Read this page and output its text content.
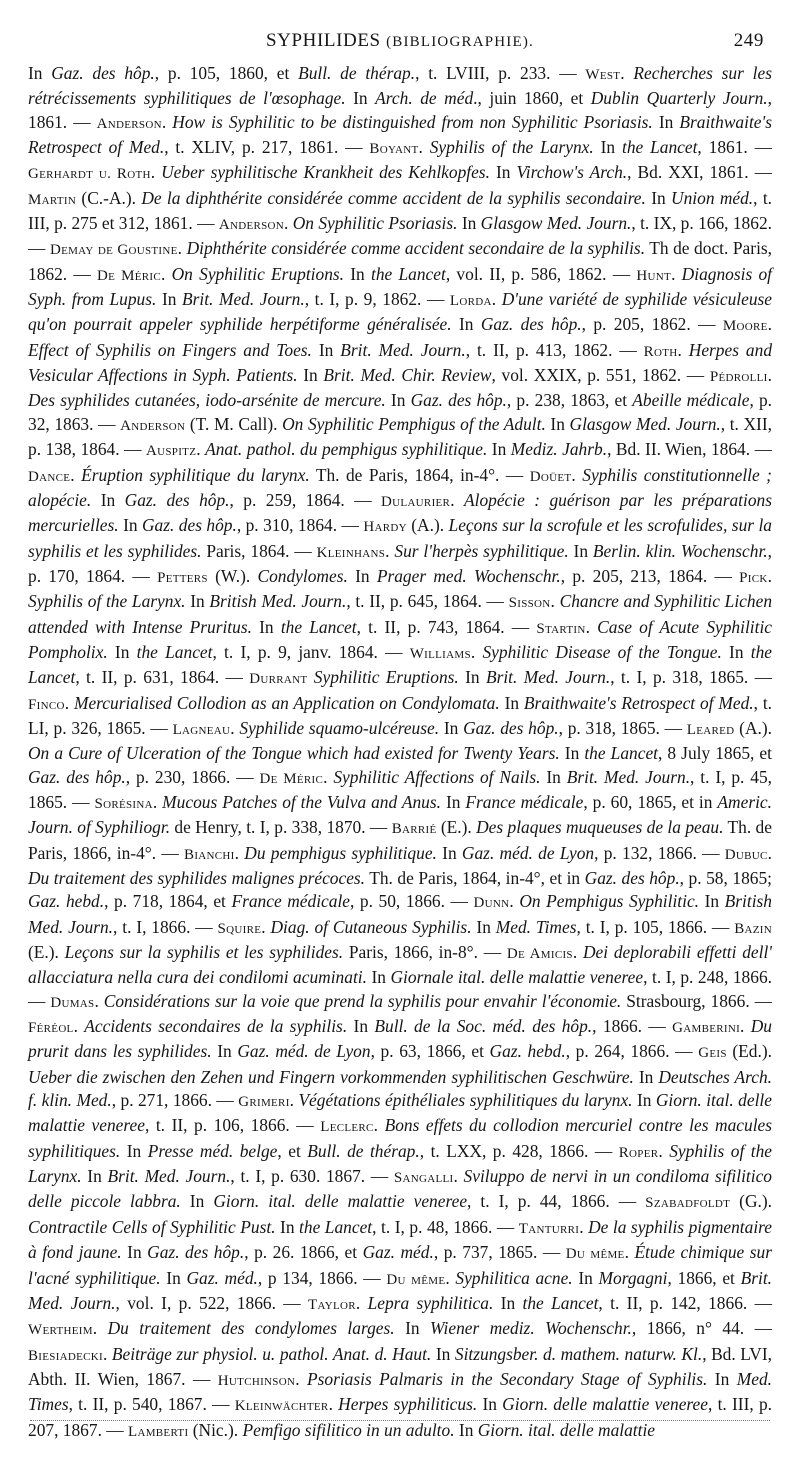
SYPHILIDES (BIBLIOGRAPHIE).	249
In Gaz. des hôp., p. 105, 1860, et Bull. de thérap., t. LVIII, p. 233. — West. Recherches sur les rétrécissements syphilitiques de l'œsophage. In Arch. de méd., juin 1860, et Dublin Quarterly Journ., 1861. — Anderson. How is Syphilitic to be distinguished from non Syphilitic Psoriasis. In Braithwaite's Retrospect of Med., t. XLIV, p. 217, 1861. — Boyant. Syphilis of the Larynx. In the Lancet, 1861. — Gerhardt u. Roth. Ueber syphilitische Krankheit des Kehlkopfes. In Virchow's Arch., Bd. XXI, 1861. — Martin (C.-A.). De la diphthérite considérée comme accident de la syphilis secondaire. In Union méd., t. III, p. 275 et 312, 1861. — Anderson. On Syphilitic Psoriasis. In Glasgow Med. Journ., t. IX, p. 166, 1862. — Demay de Goustine. Diphthérite considérée comme accident secondaire de la syphilis. Th de doct. Paris, 1862. — De Méric. On Syphilitic Eruptions. In the Lancet, vol. II, p. 586, 1862. — Hunt. Diagnosis of Syph. from Lupus. In Brit. Med. Journ., t. I, p. 9, 1862. — Lorda. D'une variété de syphilide vésiculeuse qu'on pourrait appeler syphilide herpétiforme généralisée. In Gaz. des hôp., p. 205, 1862. — Moore. Effect of Syphilis on Fingers and Toes. In Brit. Med. Journ., t. II, p. 413, 1862. — Roth. Herpes and Vesicular Affections in Syph. Patients. In Brit. Med. Chir. Review, vol. XXIX, p. 551, 1862. — Pédrolli. Des syphilides cutanées, iodo-arsénite de mercure. In Gaz. des hôp., p. 238, 1863, et Abeille médicale, p. 32, 1863. — Anderson (T. M. Call). On Syphilitic Pemphigus of the Adult. In Glasgow Med. Journ., t. XII, p. 138, 1864. — Auspitz. Anat. pathol. du pemphigus syphilitique. In Mediz. Jahrb., Bd. II. Wien, 1864. — Dance. Éruption syphilitique du larynx. Th. de Paris, 1864, in-4°. — Doüet. Syphilis constitutionnelle ; alopécie. In Gaz. des hôp., p. 259, 1864. — Dulaurier. Alopécie : guérison par les préparations mercurielles. In Gaz. des hôp., p. 310, 1864. — Hardy (A.). Leçons sur la scrofule et les scrofulides, sur la syphilis et les syphilides. Paris, 1864. — Kleinhans. Sur l'herpès syphilitique. In Berlin. klin. Wochenschr., p. 170, 1864. — Petters (W.). Condylomes. In Prager med. Wochenschr., p. 205, 213, 1864. — Pick. Syphilis of the Larynx. In British Med. Journ., t. II, p. 645, 1864. — Sisson. Chancre and Syphilitic Lichen attended with Intense Pruritus. In the Lancet, t. II, p. 743, 1864. — Startin. Case of Acute Syphilitic Pompholix. In the Lancet, t. I, p. 9, janv. 1864. — Williams. Syphilitic Disease of the Tongue. In the Lancet, t. II, p. 631, 1864. — Durrant Syphilitic Eruptions. In Brit. Med. Journ., t. I, p. 318, 1865. — Finco. Mercurialised Collodion as an Application on Condylomata. In Braithwaite's Retrospect of Med., t. LI, p. 326, 1865. — Lagneau. Syphilide squamo-ulcéreuse. In Gaz. des hôp., p. 318, 1865. — Leared (A.). On a Cure of Ulceration of the Tongue which had existed for Twenty Years. In the Lancet, 8 July 1865, et Gaz. des hôp., p. 230, 1866. — De Méric. Syphilitic Affections of Nails. In Brit. Med. Journ., t. I, p. 45, 1865. — Sorésina. Mucous Patches of the Vulva and Anus. In France médicale, p. 60, 1865, et in Americ. Journ. of Syphiliogr. de Henry, t. I, p. 338, 1870. — Barrié (E.). Des plaques muqueuses de la peau. Th. de Paris, 1866, in-4°. — Bianchi. Du pemphigus syphilitique. In Gaz. méd. de Lyon, p. 132, 1866. — Dubuc. Du traitement des syphilides malignes précoces. Th. de Paris, 1864, in-4°, et in Gaz. des hôp., p. 58, 1865; Gaz. hebd., p. 718, 1864, et France médicale, p. 50, 1866. — Dunn. On Pemphigus Syphilitic. In British Med. Journ., t. I, 1866. — Squire. Diag. of Cutaneous Syphilis. In Med. Times, t. I, p. 105, 1866. — Bazin (E.). Leçons sur la syphilis et les syphilides. Paris, 1866, in-8°. — De Amicis. Dei deplorabili effetti dell' allacciatura nella cura dei condilomi acuminati. In Giornale ital. delle malattie veneree, t. I, p. 248, 1866. — Dumas. Considérations sur la voie que prend la syphilis pour envahir l'économie. Strasbourg, 1866. — Féréol. Accidents secondaires de la syphilis. In Bull. de la Soc. méd. des hôp., 1866. — Gamberini. Du prurit dans les syphilides. In Gaz. méd. de Lyon, p. 63, 1866, et Gaz. hebd., p. 264, 1866. — Geis (Ed.). Ueber die zwischen den Zehen und Fingern vorkommenden syphilitischen Geschwüre. In Deutsches Arch. f. klin. Med., p. 271, 1866. — Grimeri. Végétations épithéliales syphilitiques du larynx. In Giorn. ital. delle malattie veneree, t. II, p. 106, 1866. — Leclerc. Bons effets du collodion mercuriel contre les macules syphilitiques. In Presse méd. belge, et Bull. de thérap., t. LXX, p. 428, 1866. — Roper. Syphilis of the Larynx. In Brit. Med. Journ., t. I, p. 630. 1867. — Sangalli. Sviluppo de nervi in un condiloma sifilitico delle piccole labbra. In Giorn. ital. delle malattie veneree, t. I, p. 44, 1866. — Szabadfoldt (G.). Contractile Cells of Syphilitic Pust. In the Lancet, t. I, p. 48, 1866. — Tanturri. De la syphilis pigmentaire à fond jaune. In Gaz. des hôp., p. 26. 1866, et Gaz. méd., p. 737, 1865. — Du même. Étude chimique sur l'acné syphilitique. In Gaz. méd., p 134, 1866. — Du même. Syphilitica acne. In Morgagni, 1866, et Brit. Med. Journ., vol. I, p. 522, 1866. — Taylor. Lepra syphilitica. In the Lancet, t. II, p. 142, 1866. — Wertheim. Du traitement des condylomes larges. In Wiener mediz. Wochenschr., 1866, n° 44. — Biesiadecki. Beiträge zur physiol. u. pathol. Anat. d. Haut. In Sitzungsber. d. mathem. naturw. Kl., Bd. LVI, Abth. II. Wien, 1867. — Hutchinson. Psoriasis Palmaris in the Secondary Stage of Syphilis. In Med. Times, t. II, p. 540, 1867. — Kleinwächter. Herpes syphiliticus. In Giorn. delle malattie veneree, t. III, p. 207, 1867. — Lamberti (Nic.). Pemfigo sifilitico in un adulto. In Giorn. ital. delle malattie
